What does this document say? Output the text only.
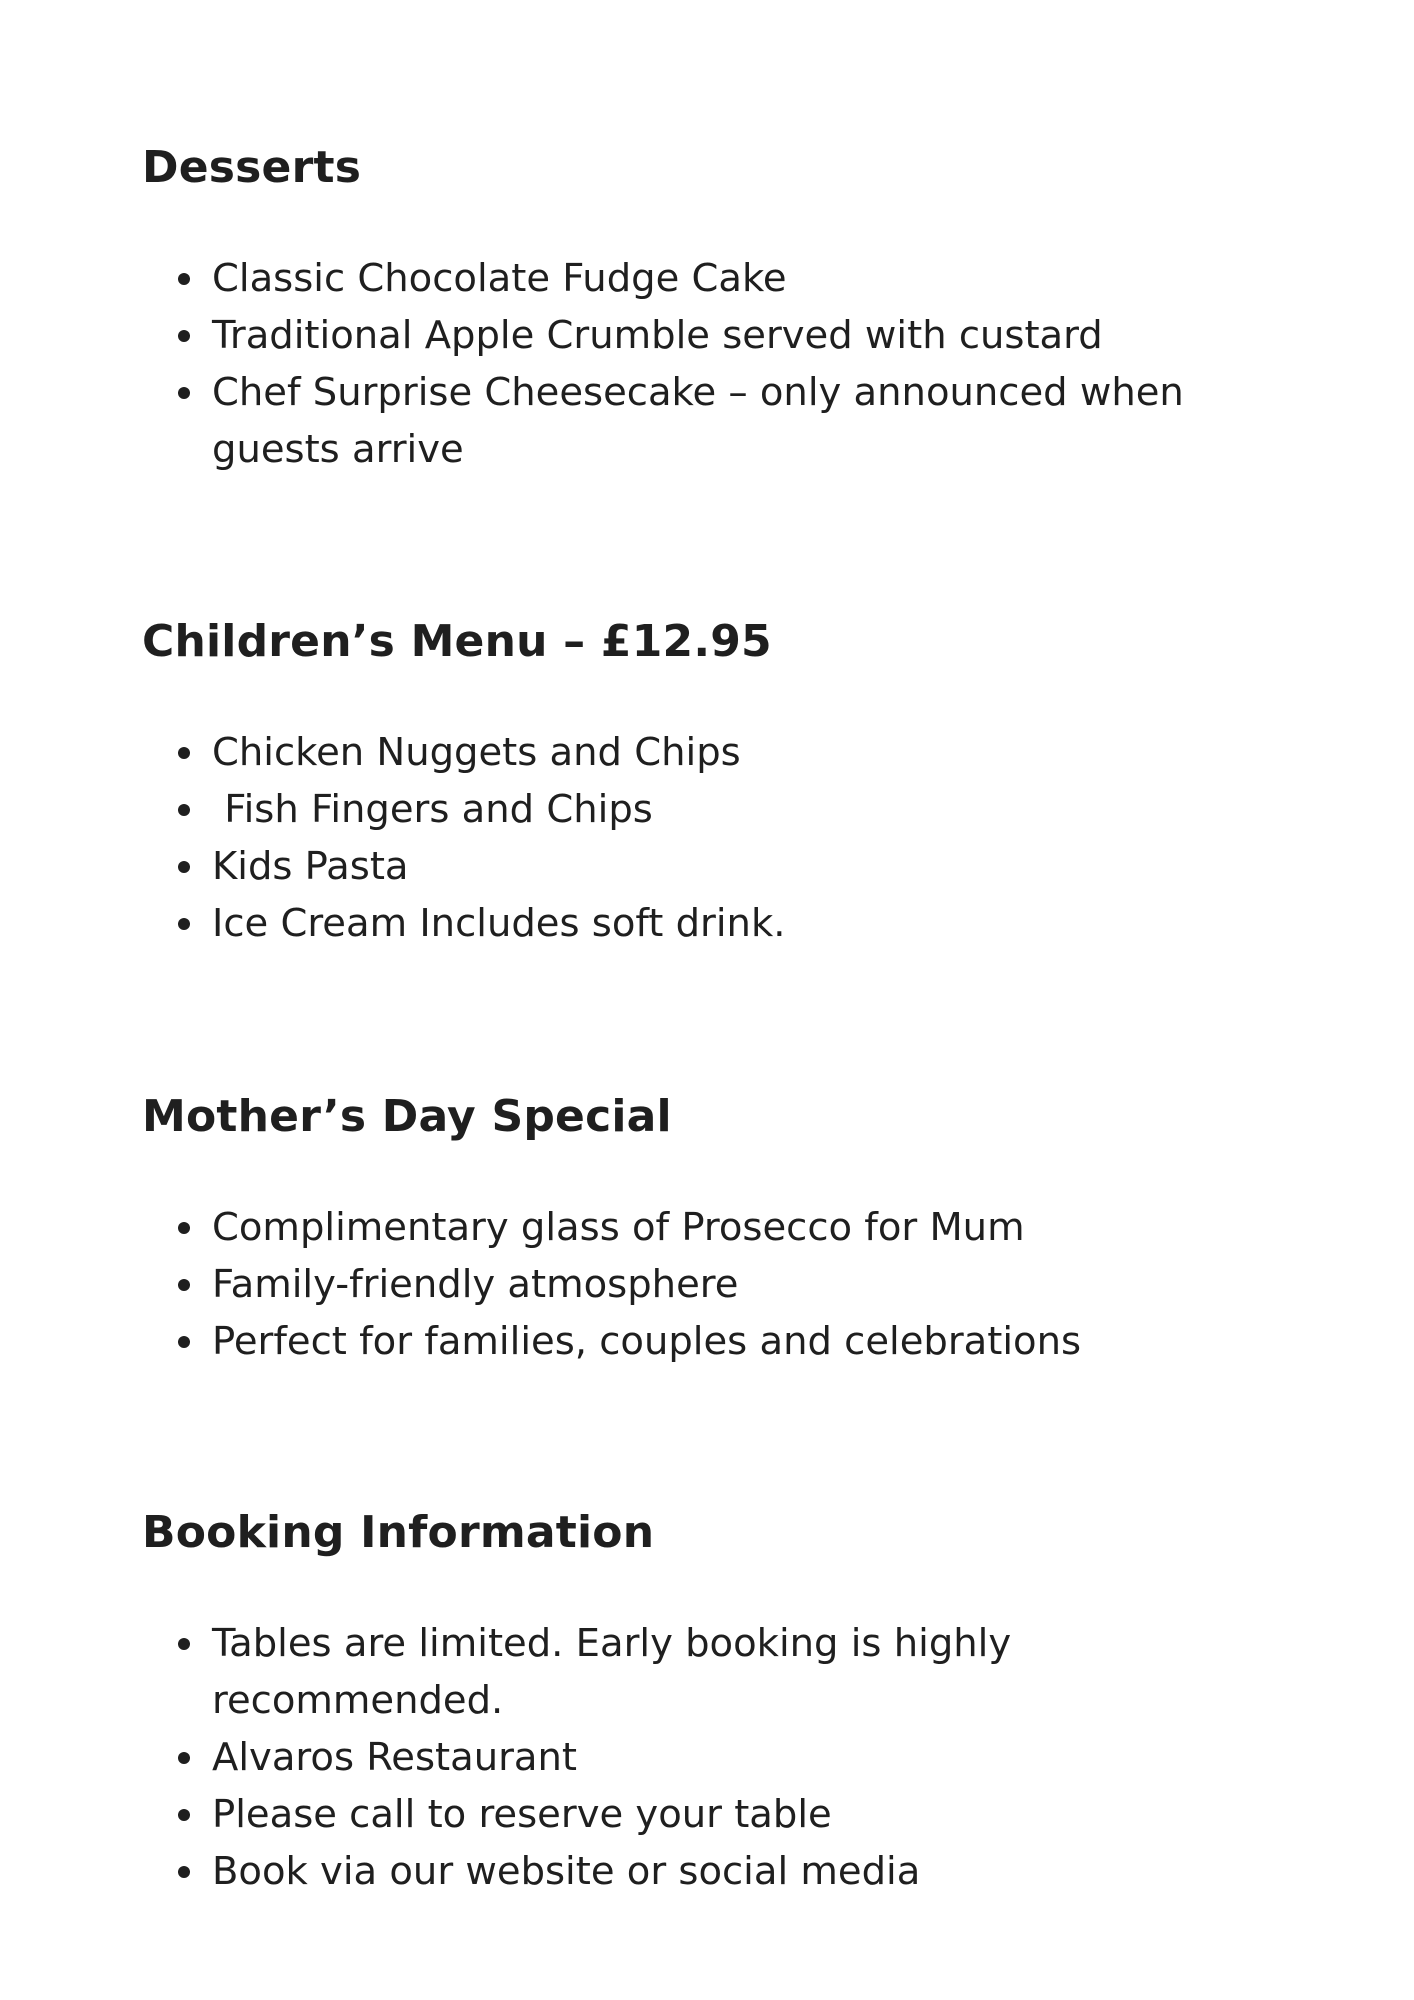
Desserts
Classic Chocolate Fudge Cake
Traditional Apple Crumble served with custard
Chef Surprise Cheesecake – only announced when guests arrive
Children’s Menu – £12.95
Chicken Nuggets and Chips
Fish Fingers and Chips
Kids Pasta
Ice Cream Includes soft drink.
Mother’s Day Special
Complimentary glass of Prosecco for Mum
Family-friendly atmosphere
Perfect for families, couples and celebrations
Booking Information
Tables are limited. Early booking is highly recommended.
Alvaros Restaurant
Please call to reserve your table
Book via our website or social media
